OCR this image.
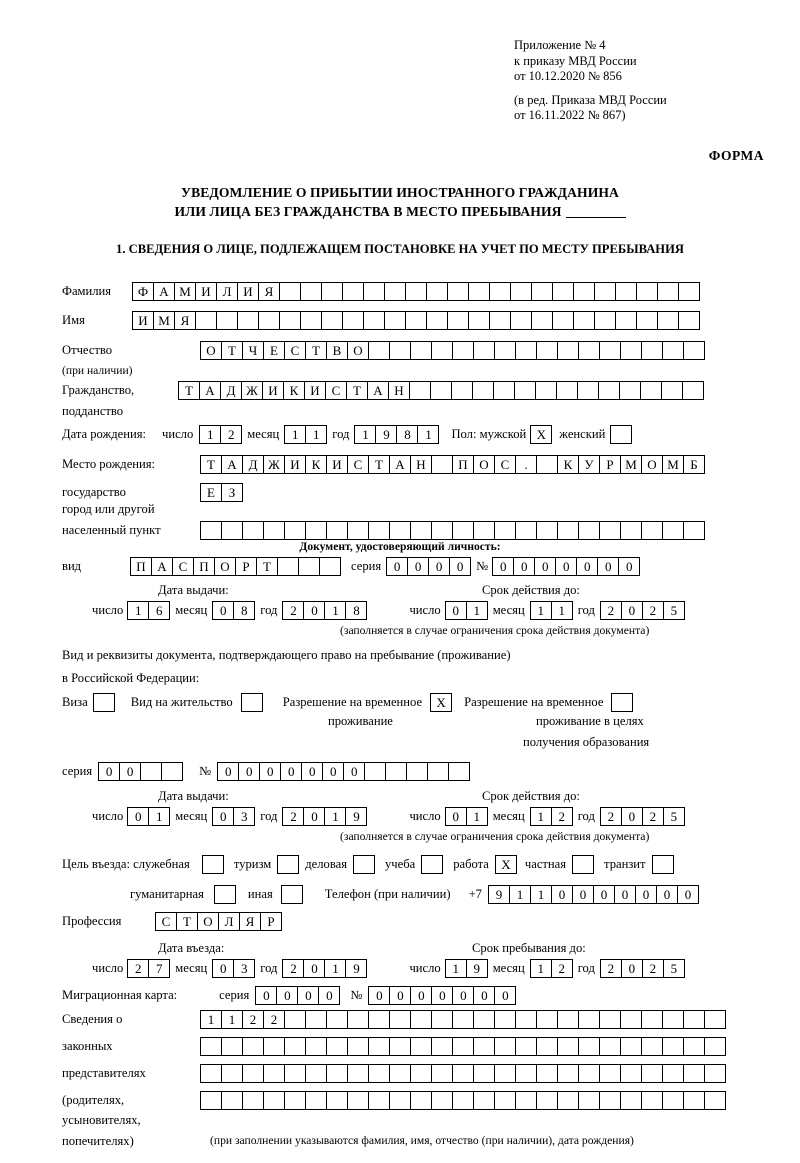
Приложение № 4
к приказу МВД России
от 10.12.2020 № 856
(в ред. Приказа МВД России
от 16.11.2022 № 867)
ФОРМА
УВЕДОМЛЕНИЕ О ПРИБЫТИИ ИНОСТРАННОГО ГРАЖДАНИНА
ИЛИ ЛИЦА БЕЗ ГРАЖДАНСТВА В МЕСТО ПРЕБЫВАНИЯ
1. СВЕДЕНИЯ О ЛИЦЕ, ПОДЛЕЖАЩЕМ ПОСТАНОВКЕ НА УЧЕТ ПО МЕСТУ ПРЕБЫВАНИЯ
Фамилия	Ф А М И Л И Я
Имя	И М Я
Отчество	О Т Ч Е С Т В О
(при наличии)
Гражданство,	Т А Д Ж И К И С Т А Н
подданство
Дата рождения: число	1	2	месяц 1	1	год 1	9	8	1	Пол: мужской X	женский
Место рождения:	Т А Д Ж И К И С Т А Н	П О С	.	К У Р М О М Б
государство	Е	З
город или другой
населенный пункт
Документ, удостоверяющий личность:
вид	П А С П О Р	Т	серия 0	0	0	0	№ 0	0	0	0	0	0	0
Дата выдачи:	Срок действия до:
число 1	6	месяц 0	8	год 2	0	1	8	число 0	1	месяц 1	1	год 2	0	2	5
(заполняется в случае ограничения срока действия документа)
Вид и реквизиты документа, подтверждающего право на пребывание (проживание)
в Российской Федерации:
Виза	Вид на жительство	Разрешение на временное	X	Разрешение на временное
проживание	проживание в целях
получения образования
серия	0	0	№	0	0	0	0	0	0	0
Дата выдачи:	Срок действия до:
число 0	1	месяц 0	3	год 2	0	1	9	число 0	1	месяц 1	2	год 2	0	2	5
(заполняется в случае ограничения срока действия документа)
Цель въезда: служебная	туризм	деловая	учеба	работа X	частная	транзит
гуманитарная	иная	Телефон (при наличии) +7	9	1	1	0	0	0	0	0	0	0
Профессия	С Т О Л Я	Р
Дата въезда:	Срок пребывания до:
число 2	7	месяц 0	3	год 2	0	1	9	число 1	9	месяц 1	2	год 2	0	2	5
Миграционная карта:	серия	0	0	0	0	№	0	0	0	0	0	0	0
Сведения о	1	1	2	2
законных
представителях
(родителях,
усыновителях,
попечителях)	(при заполнении указываются фамилия, имя, отчество (при наличии), дата рождения)
